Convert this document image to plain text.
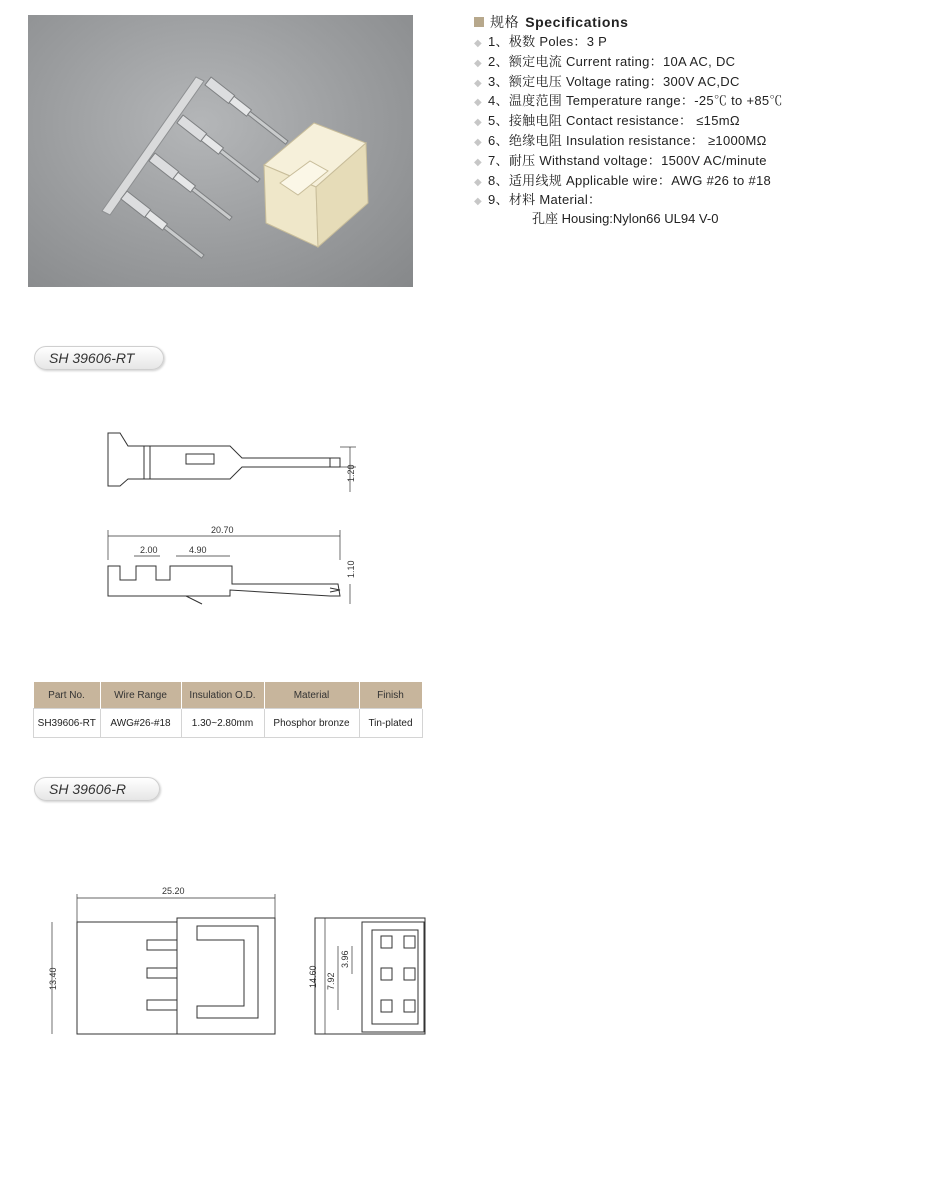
规格 Specifications
◆ 1、极数 Poles：3 P
◆ 2、额定电流 Current rating：10A AC, DC
◆ 3、额定电压 Voltage rating：300V AC,DC
◆ 4、温度范围 Temperature range：-25℃ to +85℃
◆ 5、接触电阻 Contact resistance： ≤15mΩ
◆ 6、绝缘电阻 Insulation resistance： ≥1000MΩ
◆ 7、耐压 Withstand voltage：1500V AC/minute
◆ 8、适用线规 Applicable wire：AWG #26 to #18
◆ 9、材料 Material：
孔座 Housing:Nylon66 UL94 V-0
SH 39606-RT
SH 39606-R
1.20
20.70
2.00	4.90
1.10
25.20
13.40	14.60 7.92
3.96
Part No.	Wire Range	Insulation O.D.	Material	Finish
SH39606-RT	AWG#26-#18	1.30~2.80mm	Phosphor bronze	Tin-plated
